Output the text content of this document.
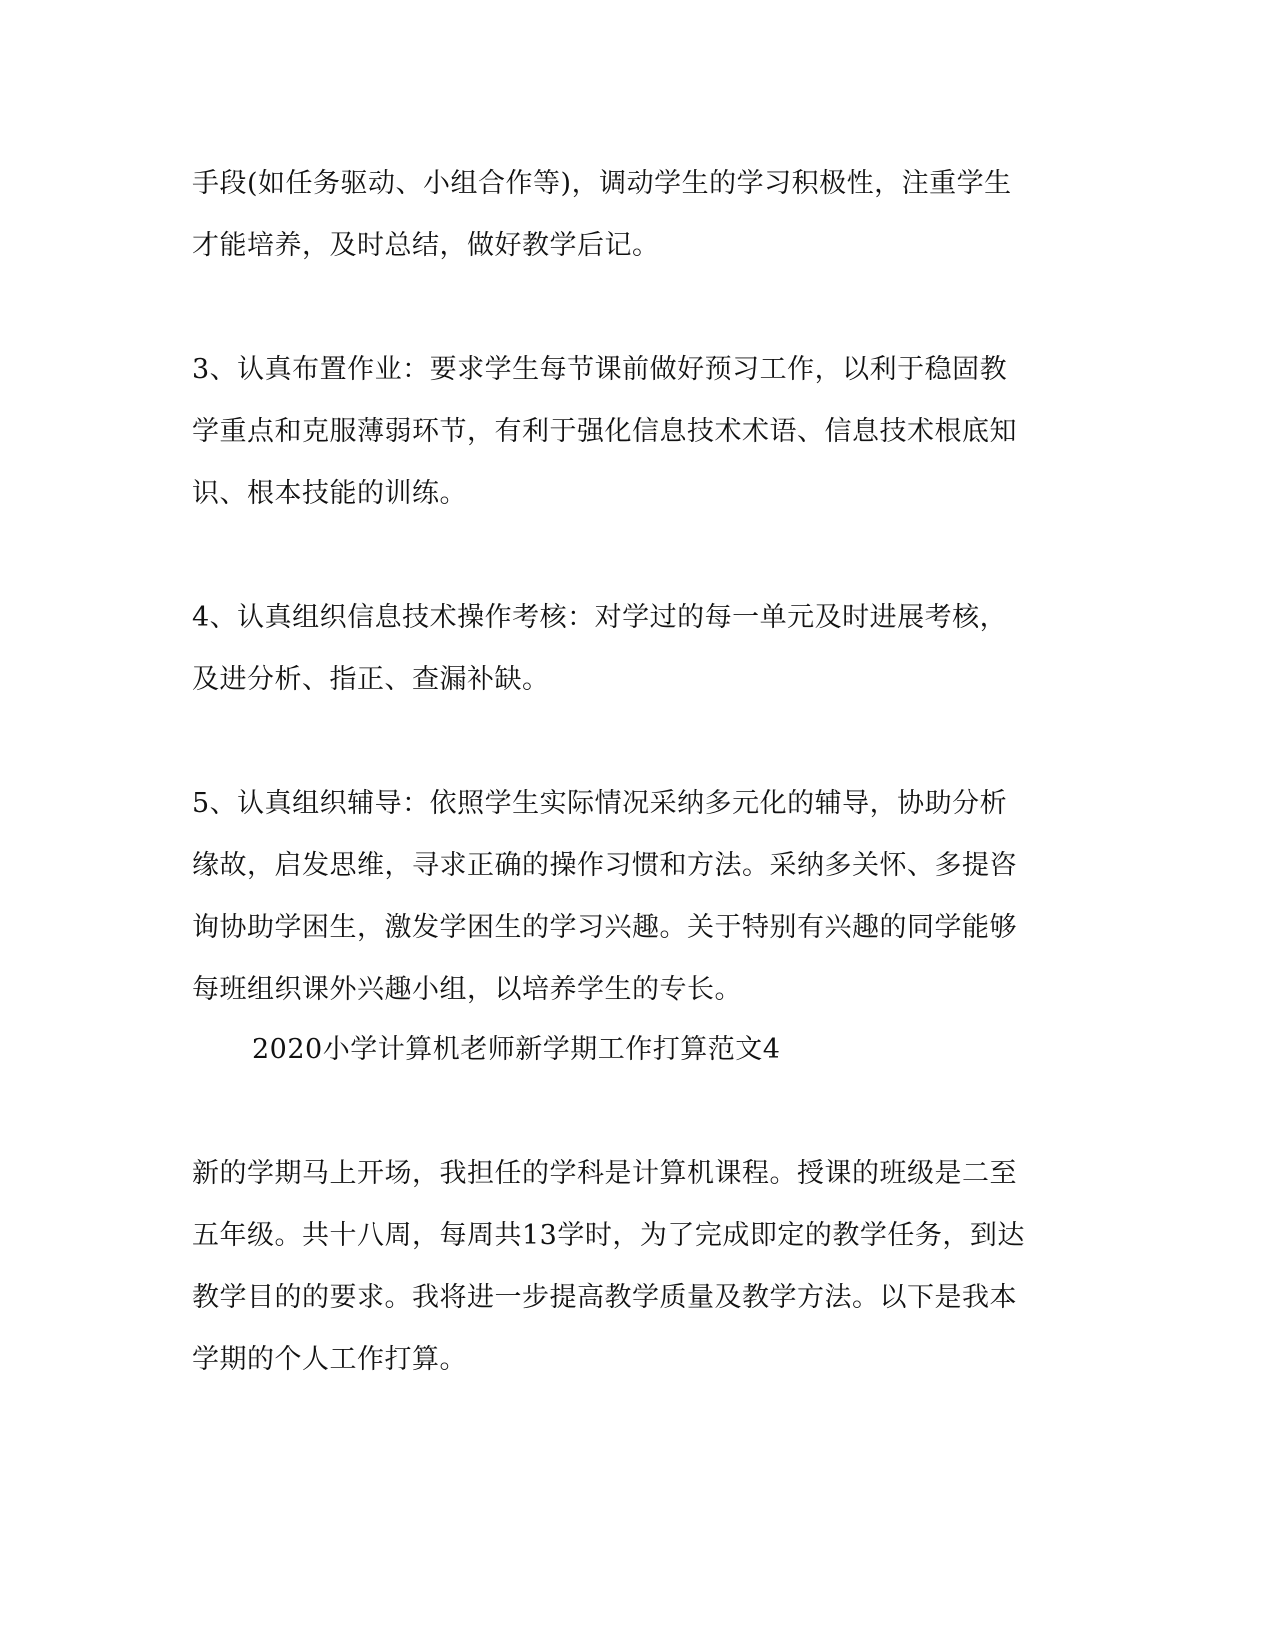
手段(如任务驱动、小组合作等)，调动学生的学习积极性，注重学生
才能培养，及时总结，做好教学后记。
3、认真布置作业：要求学生每节课前做好预习工作，以利于稳固教
学重点和克服薄弱环节，有利于强化信息技术术语、信息技术根底知
识、根本技能的训练。
4、认真组织信息技术操作考核：对学过的每一单元及时进展考核，
及进分析、指正、查漏补缺。
5、认真组织辅导：依照学生实际情况采纳多元化的辅导，协助分析
缘故，启发思维，寻求正确的操作习惯和方法。采纳多关怀、多提咨
询协助学困生，激发学困生的学习兴趣。关于特别有兴趣的同学能够
每班组织课外兴趣小组，以培养学生的专长。
2020小学计算机老师新学期工作打算范文4
新的学期马上开场，我担任的学科是计算机课程。授课的班级是二至
五年级。共十八周，每周共13学时，为了完成即定的教学任务，到达
教学目的的要求。我将进一步提高教学质量及教学方法。以下是我本
学期的个人工作打算。
